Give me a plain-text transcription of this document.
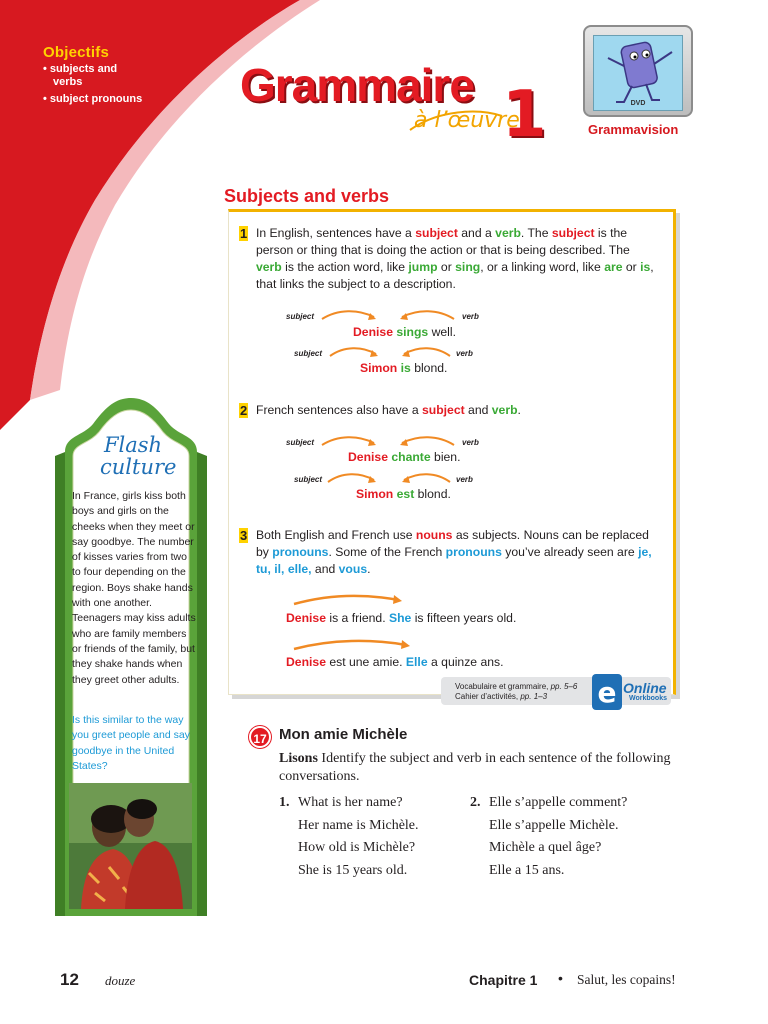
Objectifs
• subjects and verbs
• subject pronouns Grammaire
à l’œuvre
1	DVD
Grammavision
Subjects and verbs
1 In English, sentences have a subject and a verb. The subject is the person or thing that is doing the action or that is being described. The verb is the action word, like jump or sing, or a linking word, like are or is, that links the subject to a description.
subject	verb
Denise sings well.
subject	verb
Simon is blond.
2 French sentences also have a subject and verb.
subject	verb
Denise chante bien.
subject	verb
Simon est blond.
3 Both English and French use nouns as subjects. Nouns can be replaced by pronouns. Some of the French pronouns you’ve already seen are je, tu, il, elle, and vous.
Denise is a friend. She is fifteen years old.
Denise est une amie. Elle a quinze ans.
Vocabulaire et grammaire, pp. 5–6
Cahier d’activités, pp. 1–3	e Online
Workbooks
17 Mon amie Michèle
Lisons Identify the subject and verb in each sentence of the following conversations.
1. What is her name?
Her name is Michèle.
How old is Michèle?
She is 15 years old.
2. Elle s’appelle comment?
Elle s’appelle Michèle.
Michèle a quel âge?
Elle a 15 ans.
Flash
culture
In France, girls kiss both boys and girls on the cheeks when they meet or say goodbye. The number of kisses varies from two to four depending on the region. Boys shake hands with one another. Teenagers may kiss adults who are family members or friends of the family, but they shake hands when they greet other adults.
Is this similar to the way you greet people and say goodbye in the United States?
12 douze	Chapitre 1 • Salut, les copains!
